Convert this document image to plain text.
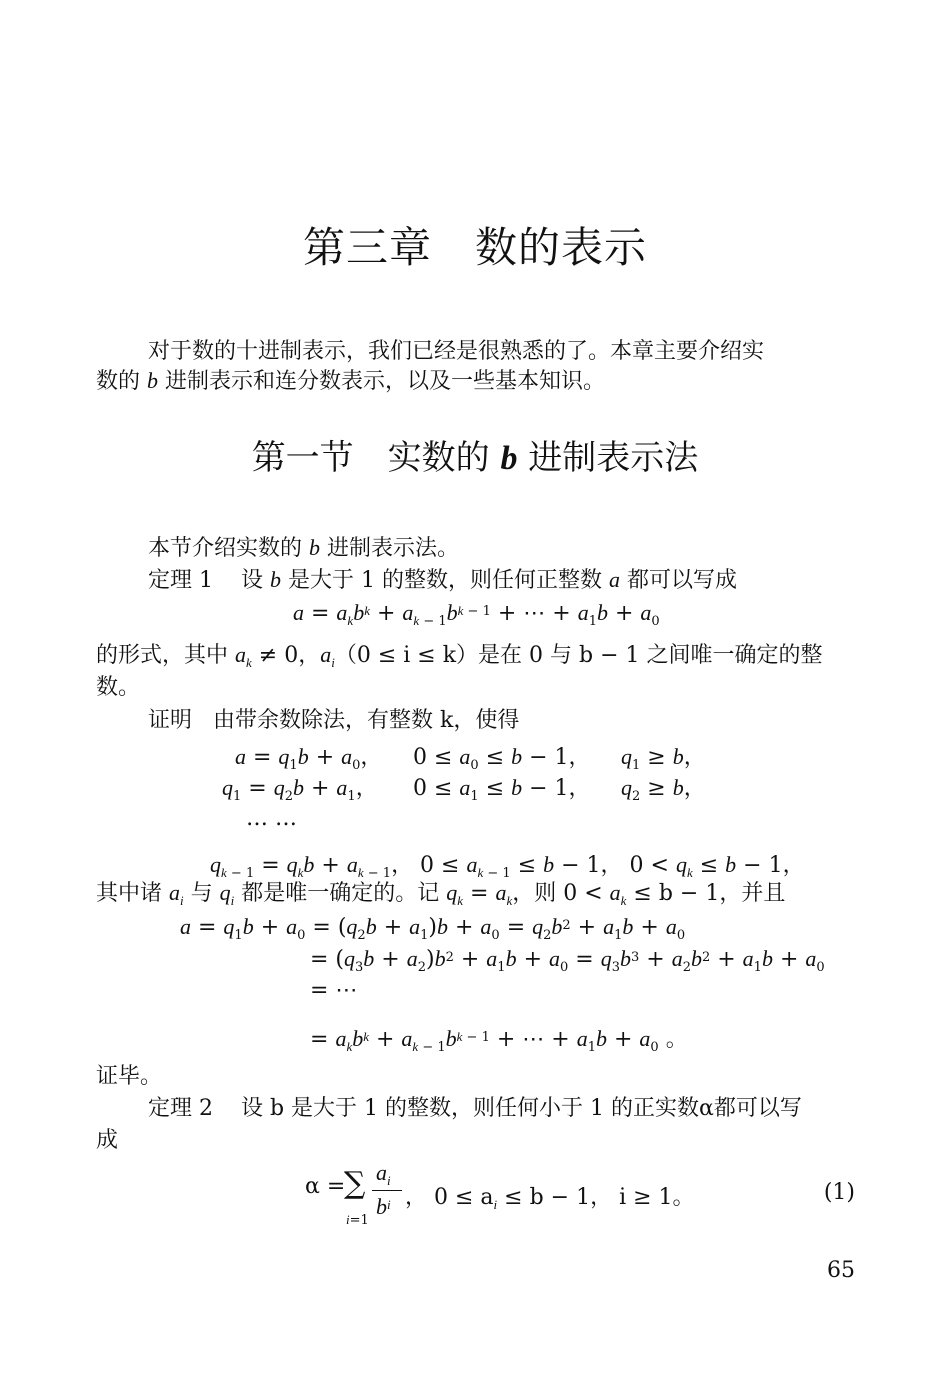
第三章　数的表示
对于数的十进制表示，我们已经是很熟悉的了。本章主要介绍实
数的 b 进制表示和连分数表示，以及一些基本知识。
第一节　实数的 b 进制表示法
本节介绍实数的 b 进制表示法。
定理 1 设 b 是大于 1 的整数，则任何正整数 a 都可以写成
$a = a_kb^k + a_{k - 1}b^{k - 1}$ + ⋯ + $a_1b + a_0$
的形式，其中 $a_k \ne 0$，$a_i(0 \le i \le k)$是在 0 与 b − 1 之间唯一确定的整
数。
证明 由带余数除法，有整数 k，使得
$a = q_1b + a_0$， $0 \le a_0 \le b - 1$， $q_1 \ge b$，
$q_1 = q_2b + a_1$， $0 \le a_1 \le b - 1$， $q_2 \ge b$，
… …
$q_{k - 1} = q_kb + a_{k - 1}$， $0 \le a_{k - 1} \le b - 1$， $0 < q_k \le b - 1$，
其中诸 $a_i$ 与 $q_i$ 都是唯一确定的。记 $q_k = a_k$，则 $0 < a_k \le b - 1$，并且
$a = q_1b + a_0 = (q_2b + a_1)b + a_0 = q_2b^2 + a_1b + a_0$
= $(q_3b + a_2)b^2 + a_1b + a_0 = q_3b^3 + a_2b^2 + a_1b + a_0$
= ⋯
= $a_kb^k + a_{k - 1}b^{k - 1}$ + ⋯ + $a_1b + a_0$ 。
证毕。
定理 2 设 b 是大于 1 的整数，则任何小于 1 的正实数α都可以写
成
α =
∑
i=1
$a_i$
$b^i$ ， $0 \le a_i \le b - 1$， i ≥ 1。	(1)
65
